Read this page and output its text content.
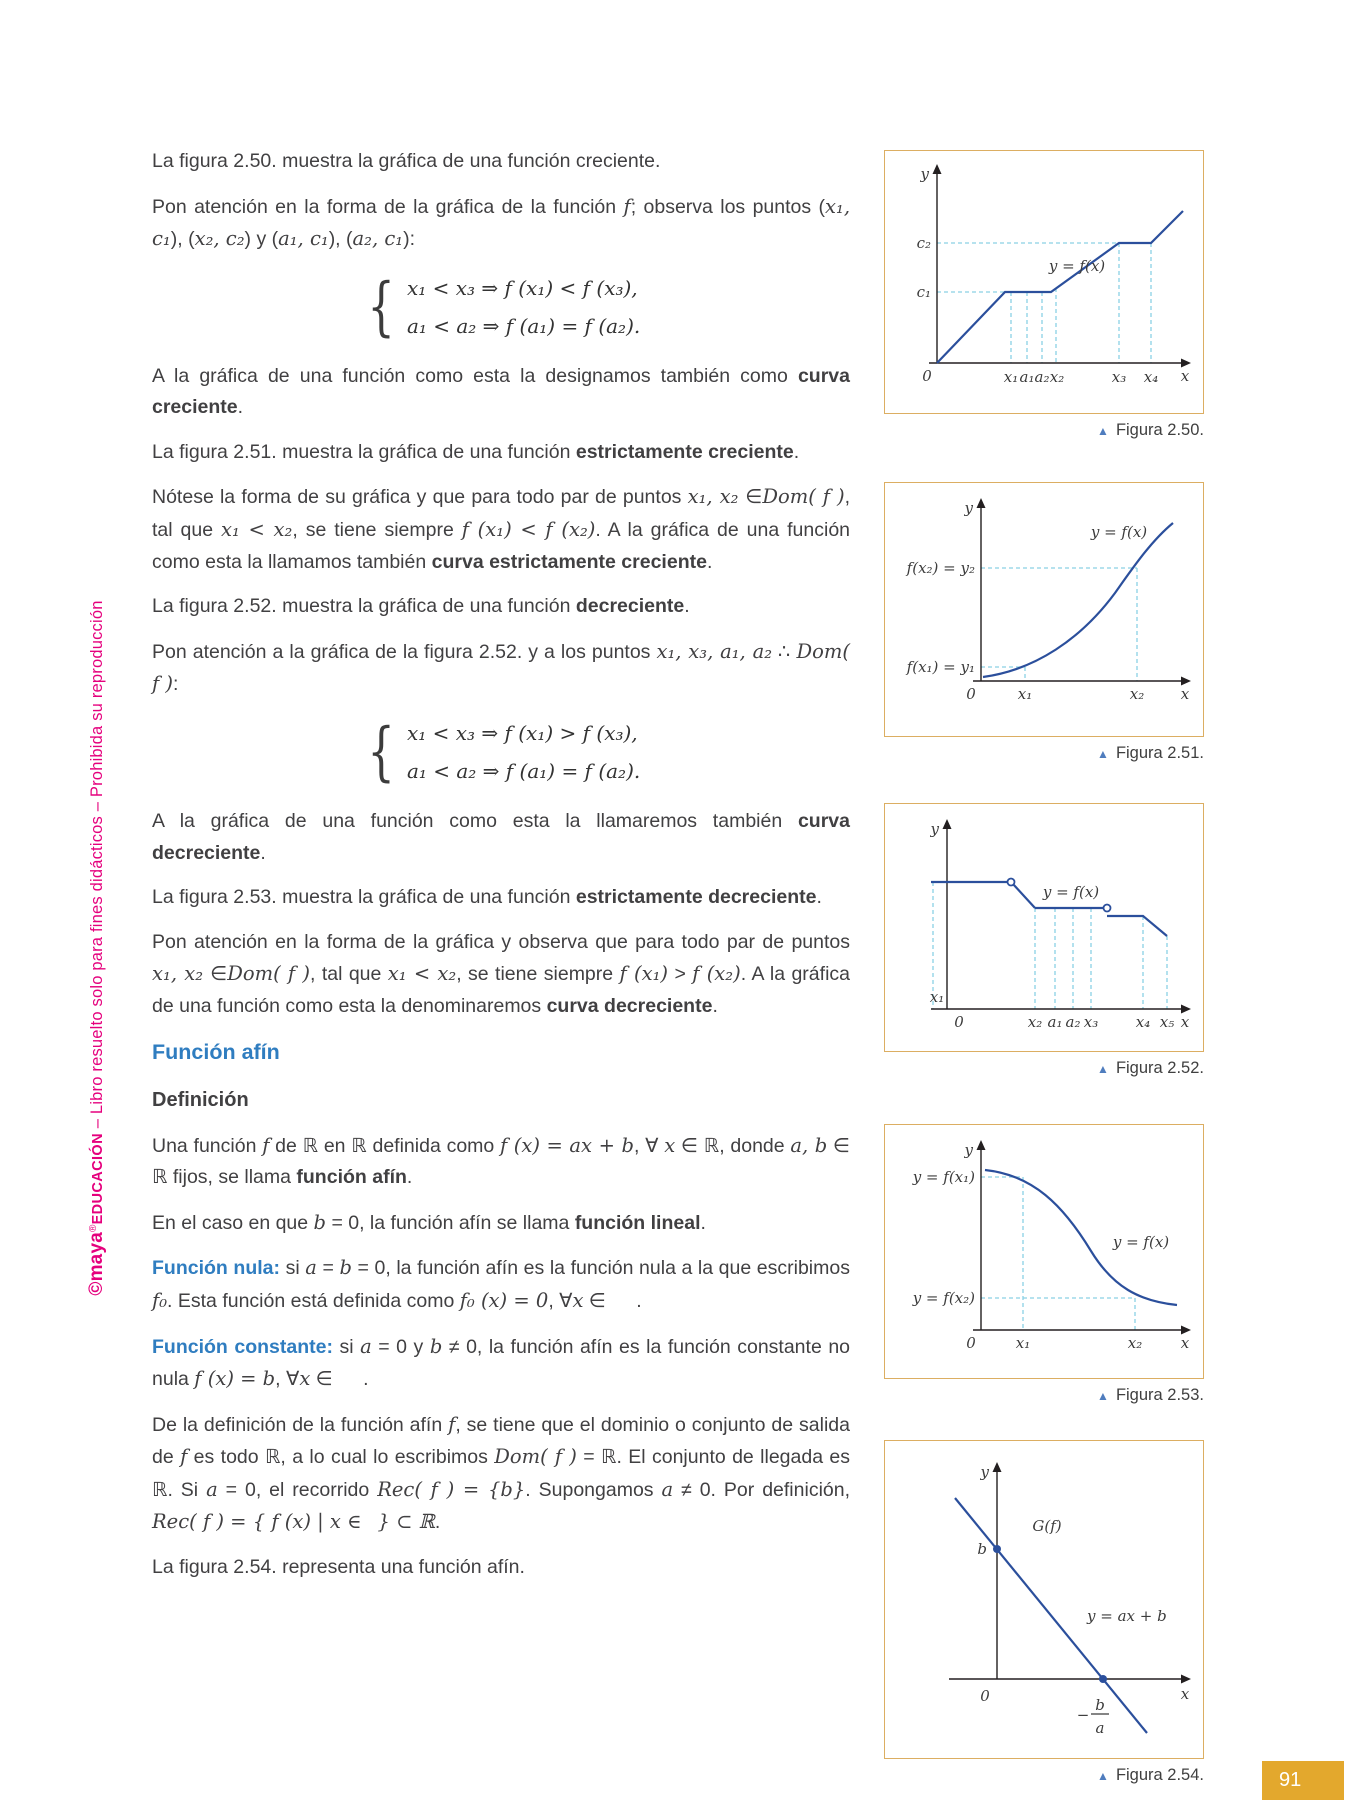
©maya®EDUCACIÓN – Libro resuelto solo para fines didácticos – Prohibida su reproducción

La figura 2.50. muestra la gráfica de una función creciente.

Pon atención en la forma de la gráfica de la función f; observa los puntos (x₁, c₁), (x₂, c₂) y (a₁, c₁), (a₂, c₁):

{ x₁ < x₃ ⇒ f (x₁) < f (x₃),
a₁ < a₂ ⇒ f (a₁) = f (a₂).

A la gráfica de una función como esta la designamos también como curva creciente.

La figura 2.51. muestra la gráfica de una función estrictamente creciente.

Nótese la forma de su gráfica y que para todo par de puntos x₁, x₂ ∈Dom( f ), tal que x₁ < x₂, se tiene siempre f (x₁) < f (x₂). A la gráfica de una función como esta la llamamos también curva estrictamente creciente.

La figura 2.52. muestra la gráfica de una función decreciente.

Pon atención a la gráfica de la figura 2.52. y a los puntos x₁, x₃, a₁, a₂ ∴ Dom( f ):

{ x₁ < x₃ ⇒ f (x₁) > f (x₃),
a₁ < a₂ ⇒ f (a₁) = f (a₂).

A la gráfica de una función como esta la llamaremos también curva decreciente.

La figura 2.53. muestra la gráfica de una función estrictamente decreciente.

Pon atención en la forma de la gráfica y observa que para todo par de puntos x₁, x₂ ∈Dom( f ), tal que x₁ < x₂, se tiene siempre f (x₁) > f (x₂). A la gráfica de una función como esta la denominaremos curva decreciente.

Función afín
Definición

Una función f de ℝ en ℝ definida como f (x) = ax + b, ∀ x ∈ ℝ, donde a, b ∈ ℝ fijos, se llama función afín.

En el caso en que b = 0, la función afín se llama función lineal.

Función nula: si a = b = 0, la función afín es la función nula a la que escribimos f₀. Esta función está definida como f₀ (x) = 0, ∀x ∈   .

Función constante: si a = 0 y b ≠ 0, la función afín es la función constante no nula f (x) = b, ∀x ∈   .

De la definición de la función afín f, se tiene que el dominio o conjunto de salida de f es todo ℝ, a lo cual lo escribimos Dom( f ) = ℝ. El conjunto de llegada es ℝ. Si a = 0, el recorrido Rec( f ) = {b}. Supongamos a ≠ 0. Por definición, Rec( f ) = { f (x) | x ∈  } ⊂ ℝ.

La figura 2.54. representa una función afín.

y
x
0
c₂
c₁
y = f(x)
x₁ a₁ a₂ x₂	x₃ x₄
▲ Figura 2.50.
y
x
0
f(x₂) = y₂
f(x₁) = y₁
y = f(x)
x₁	x₂
▲ Figura 2.51.
y
x
x₁
0
y = f(x)
x₂ a₁ a₂ x₃	x₄ x₅
▲ Figura 2.52.
y
x
0
y = f(x₁)
y = f(x₂)
y = f(x)
x₁	x₂
▲ Figura 2.53.
y
x
0
G(f)
b
y = ax + b
−
b
a
▲ Figura 2.54.	91
